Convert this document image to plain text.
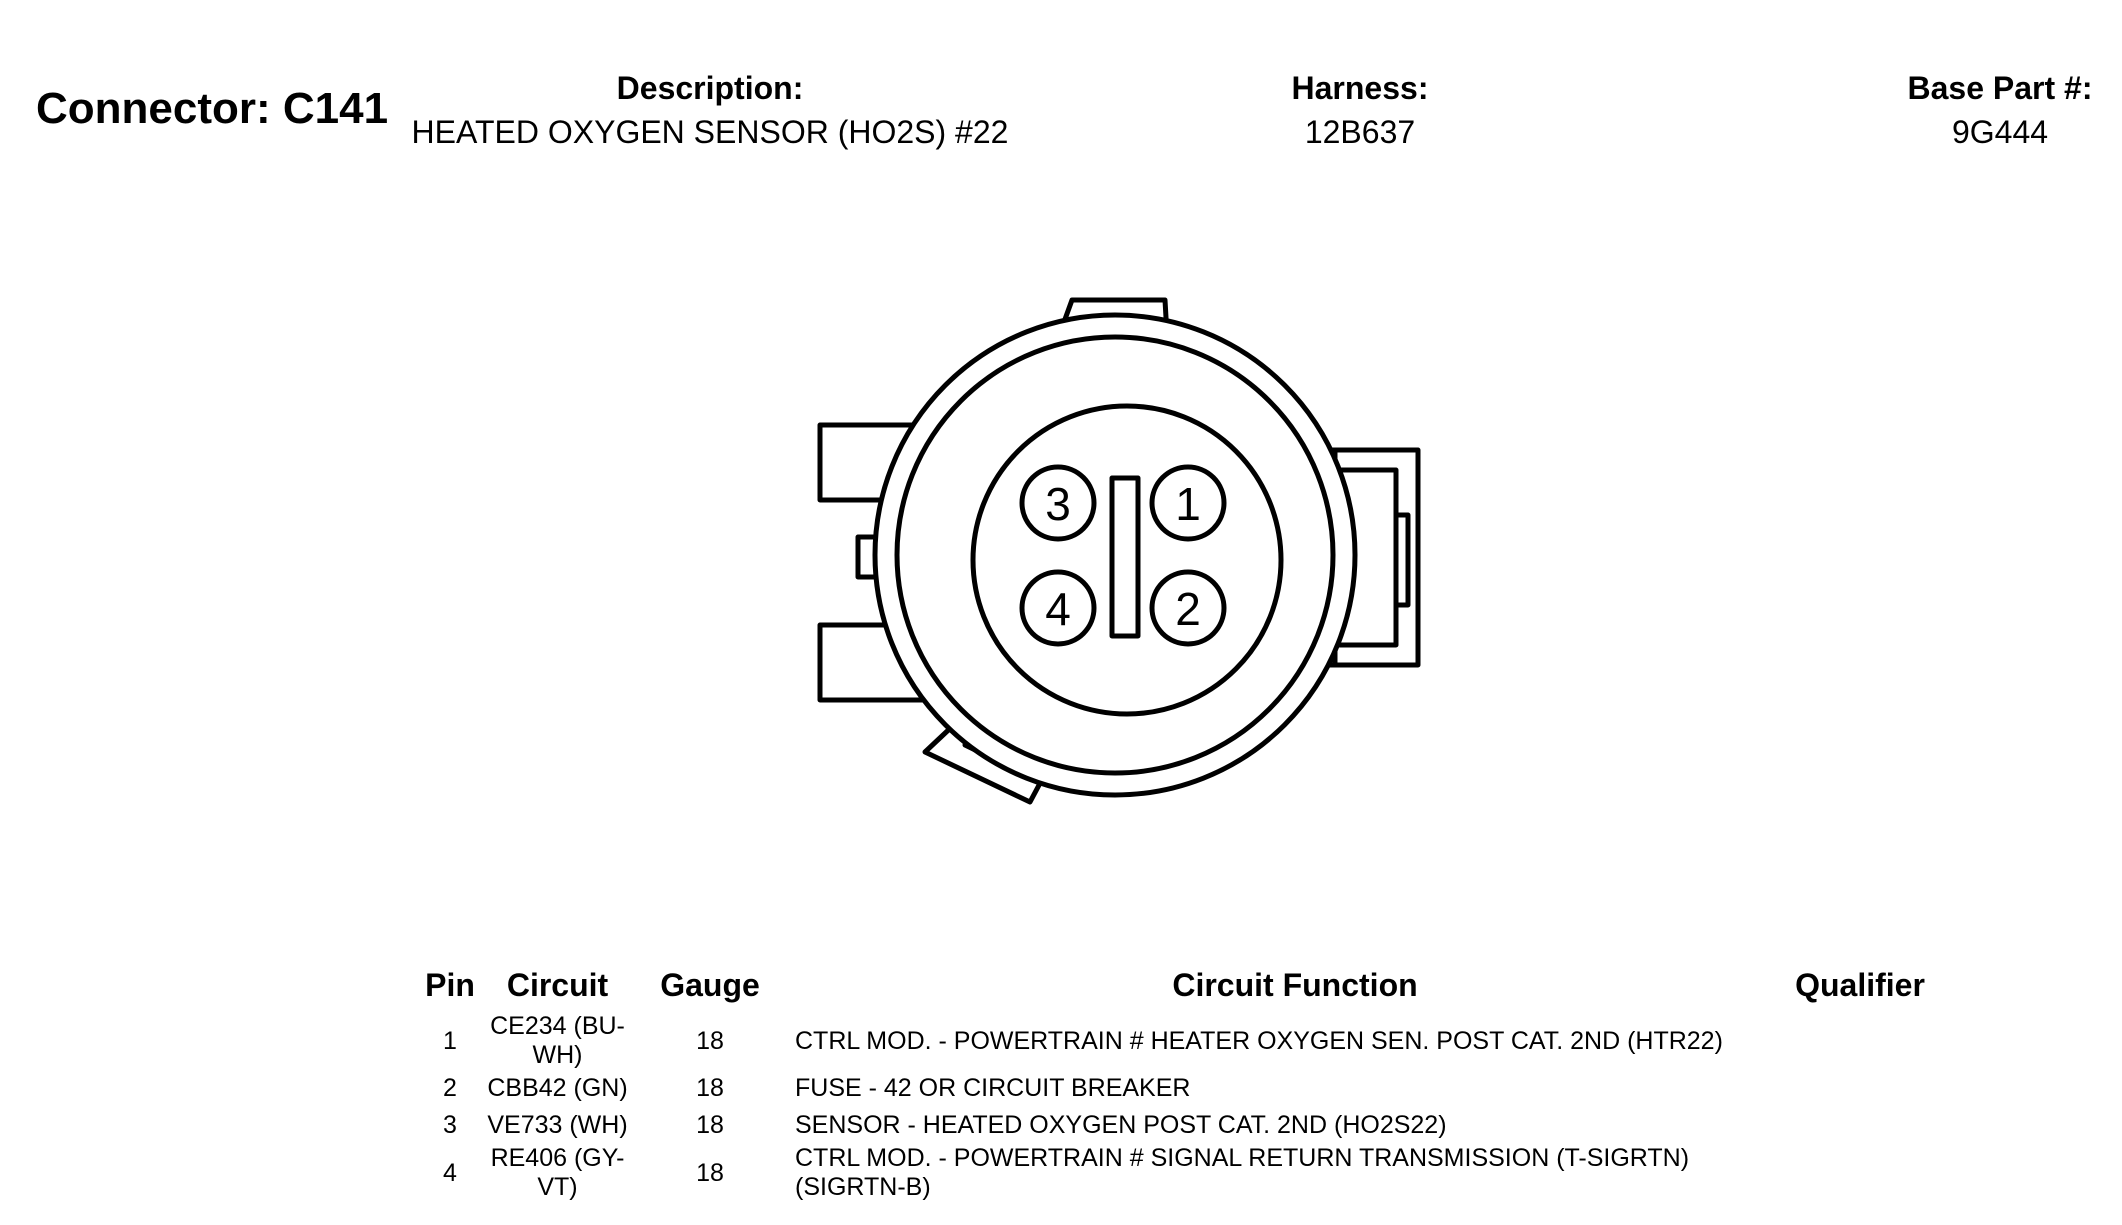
Connector: C141	Description:
HEATED OXYGEN SENSOR (HO2S) #22
Harness:
12B637
Base Part #:
9G444
3 1
4 2
Pin	Circuit	Gauge	Circuit Function	Qualifier
1	CE234 (BU-WH)	18	CTRL MOD. - POWERTRAIN # HEATER OXYGEN SEN. POST CAT. 2ND (HTR22)	
2	CBB42 (GN)	18	FUSE - 42 OR CIRCUIT BREAKER	
3	VE733 (WH)	18	SENSOR - HEATED OXYGEN POST CAT. 2ND (HO2S22)	
4	RE406 (GY-VT)	18	CTRL MOD. - POWERTRAIN # SIGNAL RETURN TRANSMISSION (T-SIGRTN) (SIGRTN-B)	
